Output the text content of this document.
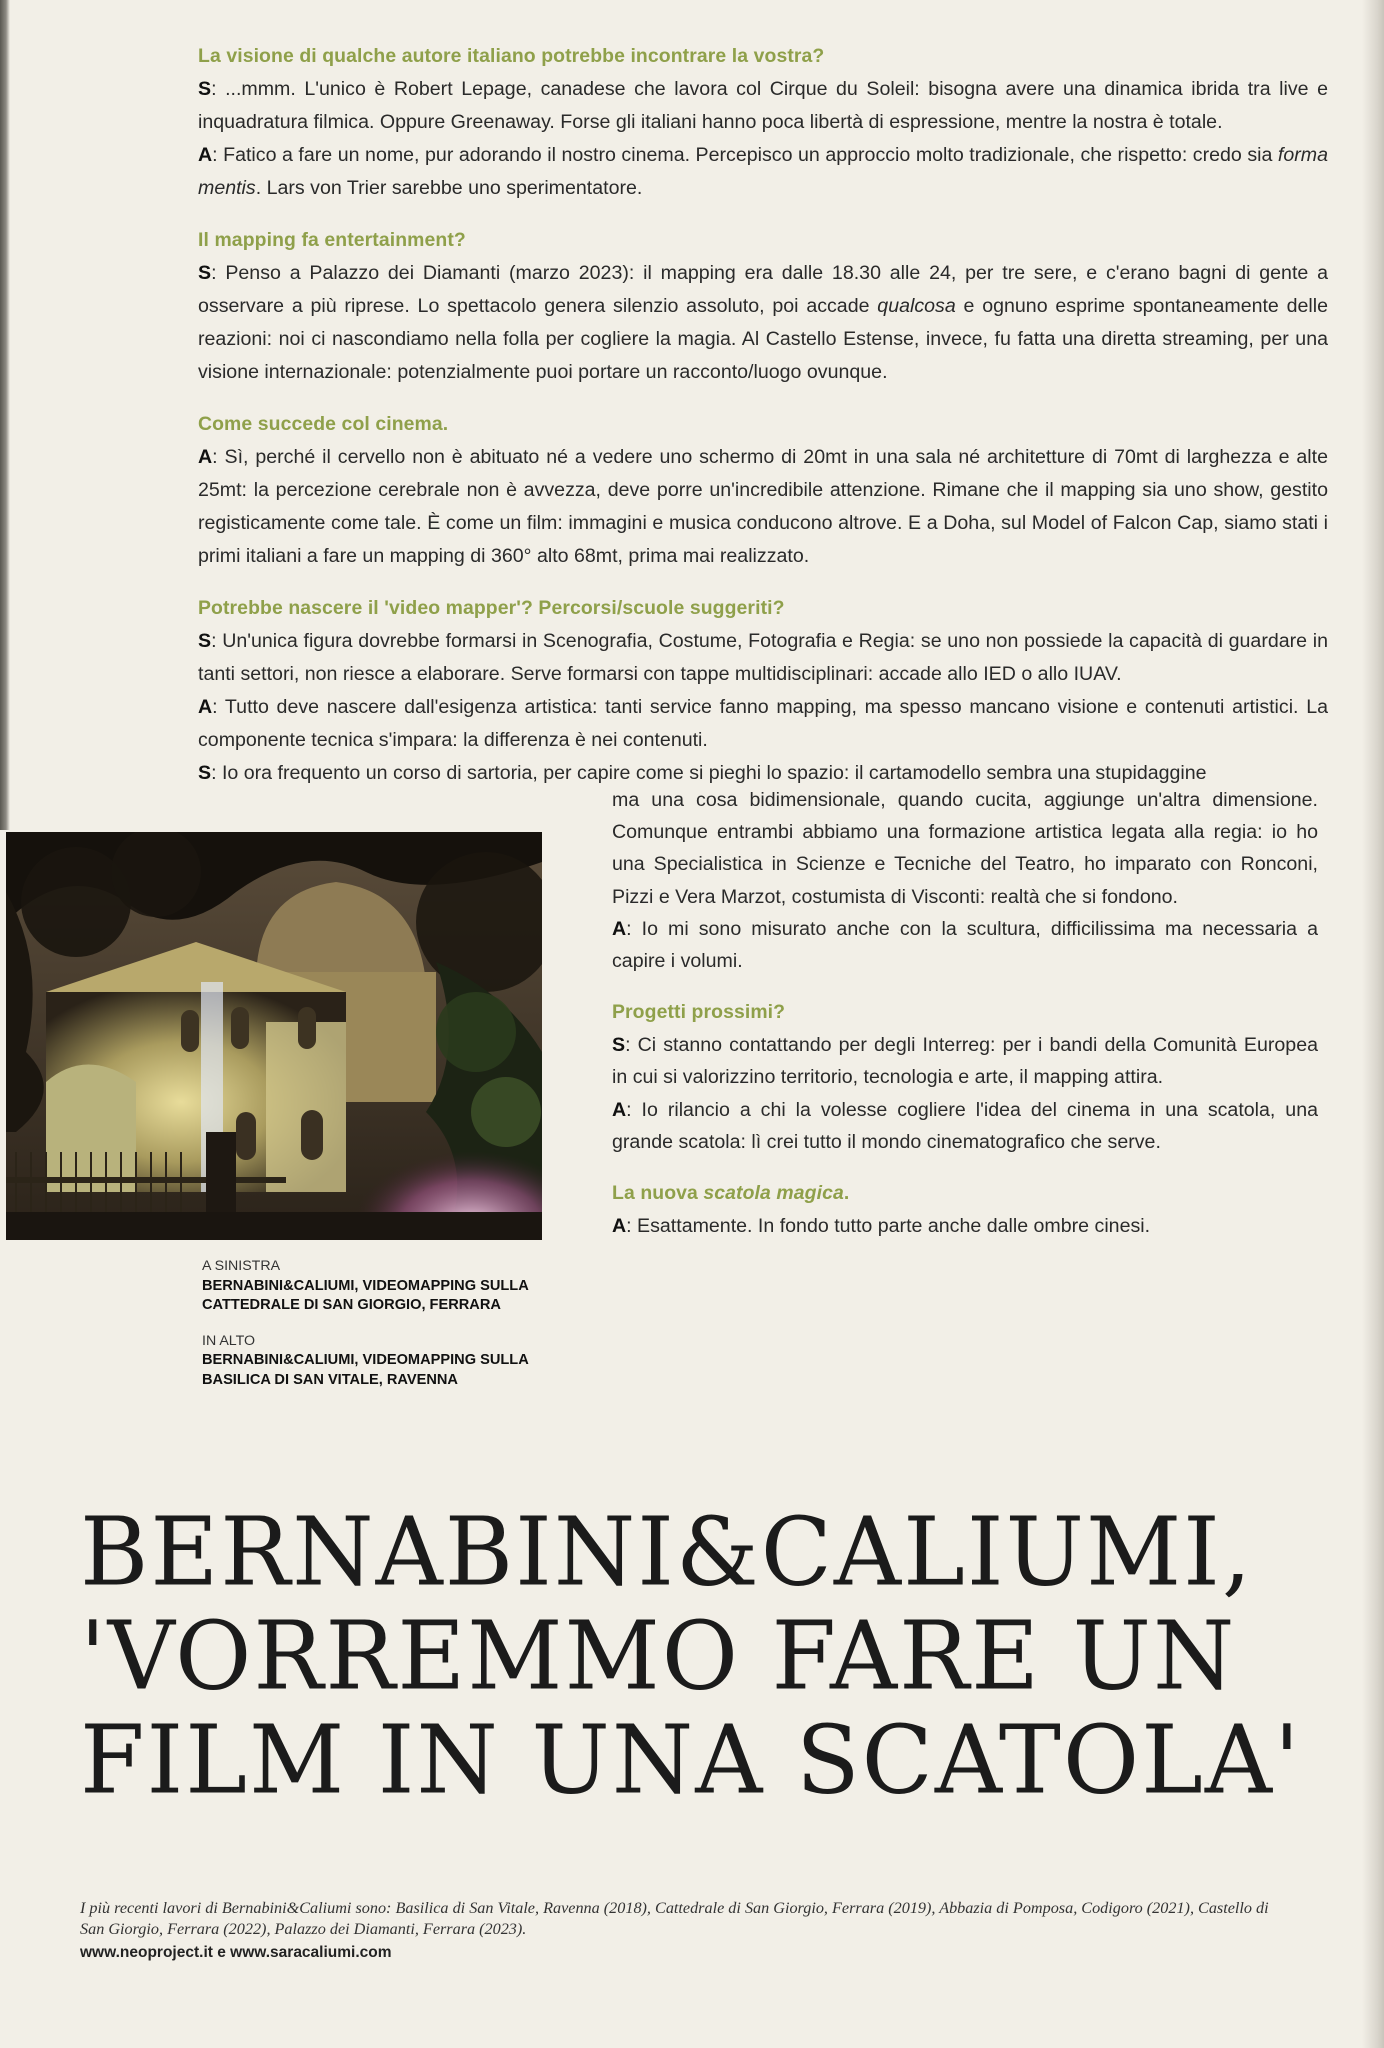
La visione di qualche autore italiano potrebbe incontrare la vostra?

S: ...mmm. L'unico è Robert Lepage, canadese che lavora col Cirque du Soleil: bisogna avere una dinamica ibrida tra live e inquadratura filmica. Oppure Greenaway. Forse gli italiani hanno poca libertà di espressione, mentre la nostra è totale.

A: Fatico a fare un nome, pur adorando il nostro cinema. Percepisco un approccio molto tradizionale, che rispetto: credo sia forma mentis. Lars von Trier sarebbe uno sperimentatore.

Il mapping fa entertainment?

S: Penso a Palazzo dei Diamanti (marzo 2023): il mapping era dalle 18.30 alle 24, per tre sere, e c'erano bagni di gente a osservare a più riprese. Lo spettacolo genera silenzio assoluto, poi accade qualcosa e ognuno esprime spontaneamente delle reazioni: noi ci nascondiamo nella folla per cogliere la magia. Al Castello Estense, invece, fu fatta una diretta streaming, per una visione internazionale: potenzialmente puoi portare un racconto/luogo ovunque.

Come succede col cinema.

A: Sì, perché il cervello non è abituato né a vedere uno schermo di 20mt in una sala né architetture di 70mt di larghezza e alte 25mt: la percezione cerebrale non è avvezza, deve porre un'incredibile attenzione. Rimane che il mapping sia uno show, gestito registicamente come tale. È come un film: immagini e musica conducono altrove. E a Doha, sul Model of Falcon Cap, siamo stati i primi italiani a fare un mapping di 360° alto 68mt, prima mai realizzato.

Potrebbe nascere il 'video mapper'? Percorsi/scuole suggeriti?

S: Un'unica figura dovrebbe formarsi in Scenografia, Costume, Fotografia e Regia: se uno non possiede la capacità di guardare in tanti settori, non riesce a elaborare. Serve formarsi con tappe multidisciplinari: accade allo IED o allo IUAV.

A: Tutto deve nascere dall'esigenza artistica: tanti service fanno mapping, ma spesso mancano visione e contenuti artistici. La componente tecnica s'impara: la differenza è nei contenuti.

S: Io ora frequento un corso di sartoria, per capire come si pieghi lo spazio: il cartamodello sembra una stupidaggine

ma una cosa bidimensionale, quando cucita, aggiunge un'altra dimensione. Comunque entrambi abbiamo una formazione artistica legata alla regia: io ho una Specialistica in Scienze e Tecniche del Teatro, ho imparato con Ronconi, Pizzi e Vera Marzot, costumista di Visconti: realtà che si fondono.

A: Io mi sono misurato anche con la scultura, difficilissima ma necessaria a capire i volumi.

Progetti prossimi?

S: Ci stanno contattando per degli Interreg: per i bandi della Comunità Europea in cui si valorizzino territorio, tecnologia e arte, il mapping attira.

A: Io rilancio a chi la volesse cogliere l'idea del cinema in una scatola, una grande scatola: lì crei tutto il mondo cinematografico che serve.

La nuova scatola magica.

A: Esattamente. In fondo tutto parte anche dalle ombre cinesi.

A SINISTRA
BERNABINI&CALIUMI, VIDEOMAPPING SULLA CATTEDRALE DI SAN GIORGIO, FERRARA
IN ALTO
BERNABINI&CALIUMI, VIDEOMAPPING SULLA BASILICA DI SAN VITALE, RAVENNA
BERNABINI&CALIUMI,
'VORREMMO FARE UN
FILM IN UNA SCATOLA'
I più recenti lavori di Bernabini&Caliumi sono: Basilica di San Vitale, Ravenna (2018), Cattedrale di San Giorgio, Ferrara (2019), Abbazia di Pomposa, Codigoro (2021), Castello di San Giorgio, Ferrara (2022), Palazzo dei Diamanti, Ferrara (2023).
www.neoproject.it e www.saracaliumi.com
